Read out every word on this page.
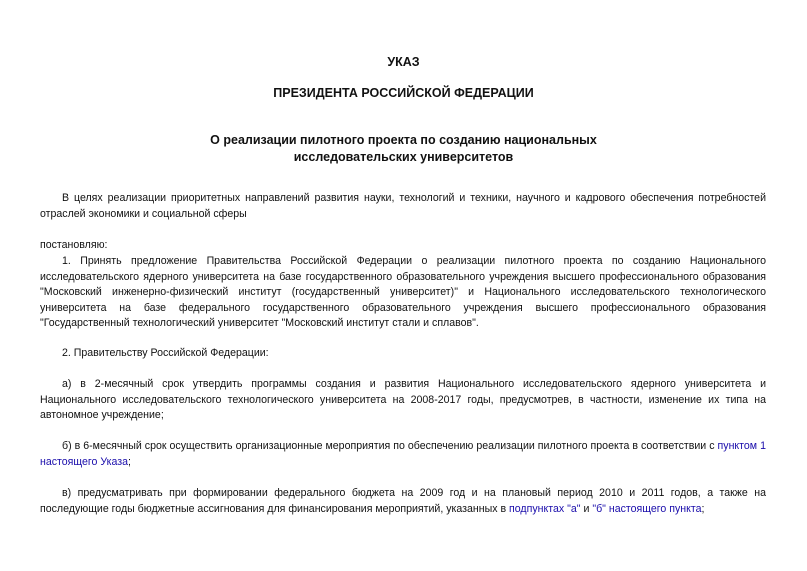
УКАЗ
ПРЕЗИДЕНТА РОССИЙСКОЙ ФЕДЕРАЦИИ
О реализации пилотного проекта по созданию национальных
исследовательских университетов

В целях реализации приоритетных направлений развития науки, технологий и техники, научного и кадрового обеспечения потребностей отраслей экономики и социальной сферы

постановляю:

1. Принять предложение Правительства Российской Федерации о реализации пилотного проекта по созданию Национального исследовательского ядерного университета на базе государственного образовательного учреждения высшего профессионального образования "Московский инженерно-физический институт (государственный университет)" и Национального исследовательского технологического университета на базе федерального государственного образовательного учреждения высшего профессионального образования "Государственный технологический университет "Московский институт стали и сплавов".

2. Правительству Российской Федерации:

а) в 2-месячный срок утвердить программы создания и развития Национального исследовательского ядерного университета и Национального исследовательского технологического университета на 2008-2017 годы, предусмотрев, в частности, изменение их типа на автономное учреждение;

б) в 6-месячный срок осуществить организационные мероприятия по обеспечению реализации пилотного проекта в соответствии с пунктом 1 настоящего Указа;

в) предусматривать при формировании федерального бюджета на 2009 год и на плановый период 2010 и 2011 годов, а также на последующие годы бюджетные ассигнования для финансирования мероприятий, указанных в подпунктах "а" и "б" настоящего пункта;
